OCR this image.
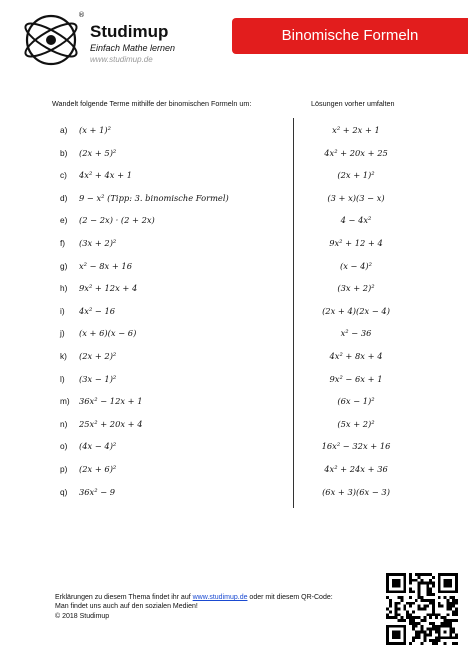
®
Studimup
Einfach Mathe lernen
www.studimup.de
Binomische Formeln
Wandelt folgende Terme mithilfe der binomischen Formeln um:	Lösungen vorher umfalten
a) (x + 1)²
b) (2x + 5)²
c) 4x² + 4x + 1
d) 9 − x² (Tipp: 3. binomische Formel)
e) (2 − 2x) · (2 + 2x)
f) (3x + 2)²
g) x² − 8x + 16
h) 9x² + 12x + 4
i) 4x² − 16
j) (x + 6)(x − 6)
k) (2x + 2)²
l) (3x − 1)²
m) 36x² − 12x + 1
n) 25x² + 20x + 4
o) (4x − 4)²
p) (2x + 6)²
q) 36x² − 9
x² + 2x + 1
4x² + 20x + 25
(2x + 1)²
(3 + x)(3 − x)
4 − 4x²
9x² + 12 + 4
(x − 4)²
(3x + 2)²
(2x + 4)(2x − 4)
x² − 36
4x² + 8x + 4
9x² − 6x + 1
(6x − 1)²
(5x + 2)²
16x² − 32x + 16
4x² + 24x + 36
(6x + 3)(6x − 3)
Erklärungen zu diesem Thema findet ihr auf www.studimup.de oder mit diesem QR-Code:
Man findet uns auch auf den sozialen Medien!
© 2018 Studimup
